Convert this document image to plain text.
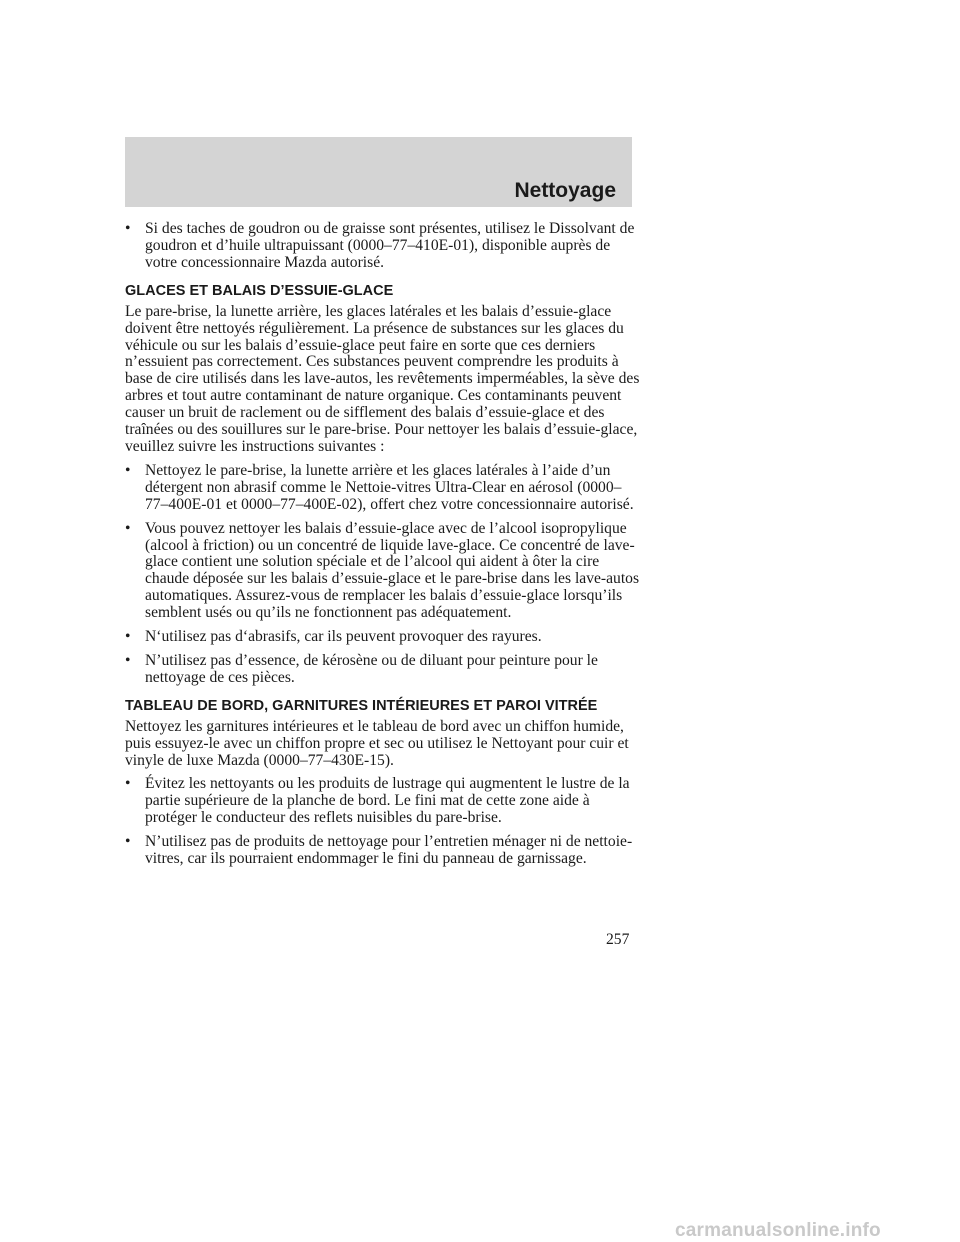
Nettoyage
• Si des taches de goudron ou de graisse sont présentes, utilisez le Dissolvant de goudron et d’huile ultrapuissant (0000–77–410E-01), disponible auprès de votre concessionnaire Mazda autorisé.
GLACES ET BALAIS D’ESSUIE-GLACE
Le pare-brise, la lunette arrière, les glaces latérales et les balais d’essuie-glace doivent être nettoyés régulièrement. La présence de substances sur les glaces du véhicule ou sur les balais d’essuie-glace peut faire en sorte que ces derniers n’essuient pas correctement. Ces substances peuvent comprendre les produits à base de cire utilisés dans les lave-autos, les revêtements imperméables, la sève des arbres et tout autre contaminant de nature organique. Ces contaminants peuvent causer un bruit de raclement ou de sifflement des balais d’essuie-glace et des traînées ou des souillures sur le pare-brise. Pour nettoyer les balais d’essuie-glace, veuillez suivre les instructions suivantes :
• Nettoyez le pare-brise, la lunette arrière et les glaces latérales à l’aide d’un détergent non abrasif comme le Nettoie-vitres Ultra-Clear en aérosol (0000–77–400E-01 et 0000–77–400E-02), offert chez votre concessionnaire autorisé.
• Vous pouvez nettoyer les balais d’essuie-glace avec de l’alcool isopropylique (alcool à friction) ou un concentré de liquide lave-glace. Ce concentré de lave-glace contient une solution spéciale et de l’alcool qui aident à ôter la cire chaude déposée sur les balais d’essuie-glace et le pare-brise dans les lave-autos automatiques. Assurez-vous de remplacer les balais d’essuie-glace lorsqu’ils semblent usés ou qu’ils ne fonctionnent pas adéquatement.
• N‘utilisez pas d‘abrasifs, car ils peuvent provoquer des rayures.
• N’utilisez pas d’essence, de kérosène ou de diluant pour peinture pour le nettoyage de ces pièces.
TABLEAU DE BORD, GARNITURES INTÉRIEURES ET PAROI VITRÉE
Nettoyez les garnitures intérieures et le tableau de bord avec un chiffon humide, puis essuyez-le avec un chiffon propre et sec ou utilisez le Nettoyant pour cuir et vinyle de luxe Mazda (0000–77–430E-15).
• Évitez les nettoyants ou les produits de lustrage qui augmentent le lustre de la partie supérieure de la planche de bord. Le fini mat de cette zone aide à protéger le conducteur des reflets nuisibles du pare-brise.
• N’utilisez pas de produits de nettoyage pour l’entretien ménager ni de nettoie-vitres, car ils pourraient endommager le fini du panneau de garnissage.
257
carmanualsonline.info
